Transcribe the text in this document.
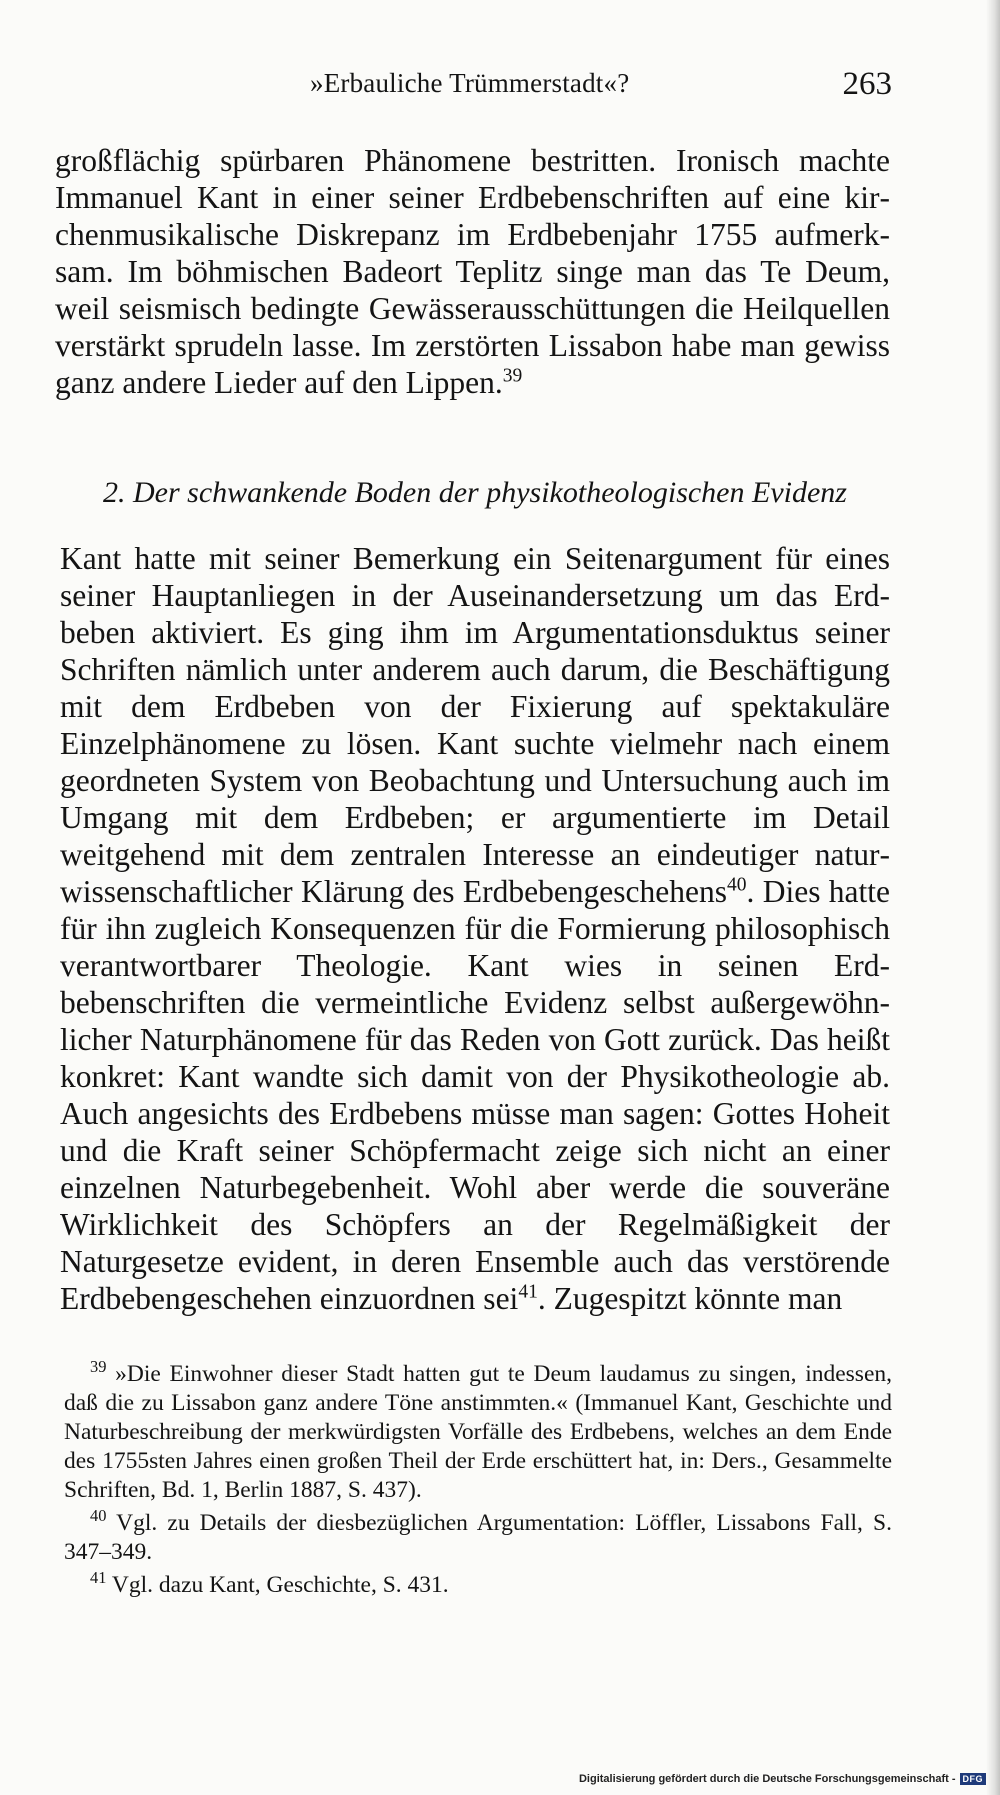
»Erbauliche Trümmerstadt«?	263
großflächig spürbaren Phänomene bestritten. Ironisch machte Immanuel Kant in einer seiner Erdbebenschriften auf eine kirchenmusikalische Diskrepanz im Erdbebenjahr 1755 aufmerksam. Im böhmischen Badeort Teplitz singe man das Te Deum, weil seismisch bedingte Gewässerausschüttungen die Heilquellen verstärkt sprudeln lasse. Im zerstörten Lissabon habe man gewiss ganz andere Lieder auf den Lippen.$^{39}$
2. Der schwankende Boden der physikotheologischen Evidenz
Kant hatte mit seiner Bemerkung ein Seitenargument für eines seiner Hauptanliegen in der Auseinandersetzung um das Erdbeben aktiviert. Es ging ihm im Argumentationsduktus seiner Schriften nämlich unter anderem auch darum, die Beschäftigung mit dem Erdbeben von der Fixierung auf spektakuläre Einzelphänomene zu lösen. Kant suchte vielmehr nach einem geordneten System von Beobachtung und Untersuchung auch im Umgang mit dem Erdbeben; er argumentierte im Detail weitgehend mit dem zentralen Interesse an eindeutiger naturwissenschaftlicher Klärung des Erdbebengeschehens$^{40}$. Dies hatte für ihn zugleich Konsequenzen für die Formierung philosophisch verantwortbarer Theologie. Kant wies in seinen Erdbebenschriften die vermeintliche Evidenz selbst außergewöhnlicher Naturphänomene für das Reden von Gott zurück. Das heißt konkret: Kant wandte sich damit von der Physikotheologie ab. Auch angesichts des Erdbebens müsse man sagen: Gottes Hoheit und die Kraft seiner Schöpfermacht zeige sich nicht an einer einzelnen Naturbegebenheit. Wohl aber werde die souveräne Wirklichkeit des Schöpfers an der Regelmäßigkeit der Naturgesetze evident, in deren Ensemble auch das verstörende Erdbebengeschehen einzuordnen sei$^{41}$. Zugespitzt könnte man

$^{39}$ »Die Einwohner dieser Stadt hatten gut te Deum laudamus zu singen, indessen, daß die zu Lissabon ganz andere Töne anstimmten.« (Immanuel Kant, Geschichte und Naturbeschreibung der merkwürdigsten Vorfälle des Erdbebens, welches an dem Ende des 1755sten Jahres einen großen Theil der Erde erschüttert hat, in: Ders., Gesammelte Schriften, Bd. 1, Berlin 1887, S. 437).

$^{40}$ Vgl. zu Details der diesbezüglichen Argumentation: Löffler, Lissabons Fall, S. 347–349.

$^{41}$ Vgl. dazu Kant, Geschichte, S. 431.

Digitalisierung gefördert durch die Deutsche Forschungsgemeinschaft - DFG
